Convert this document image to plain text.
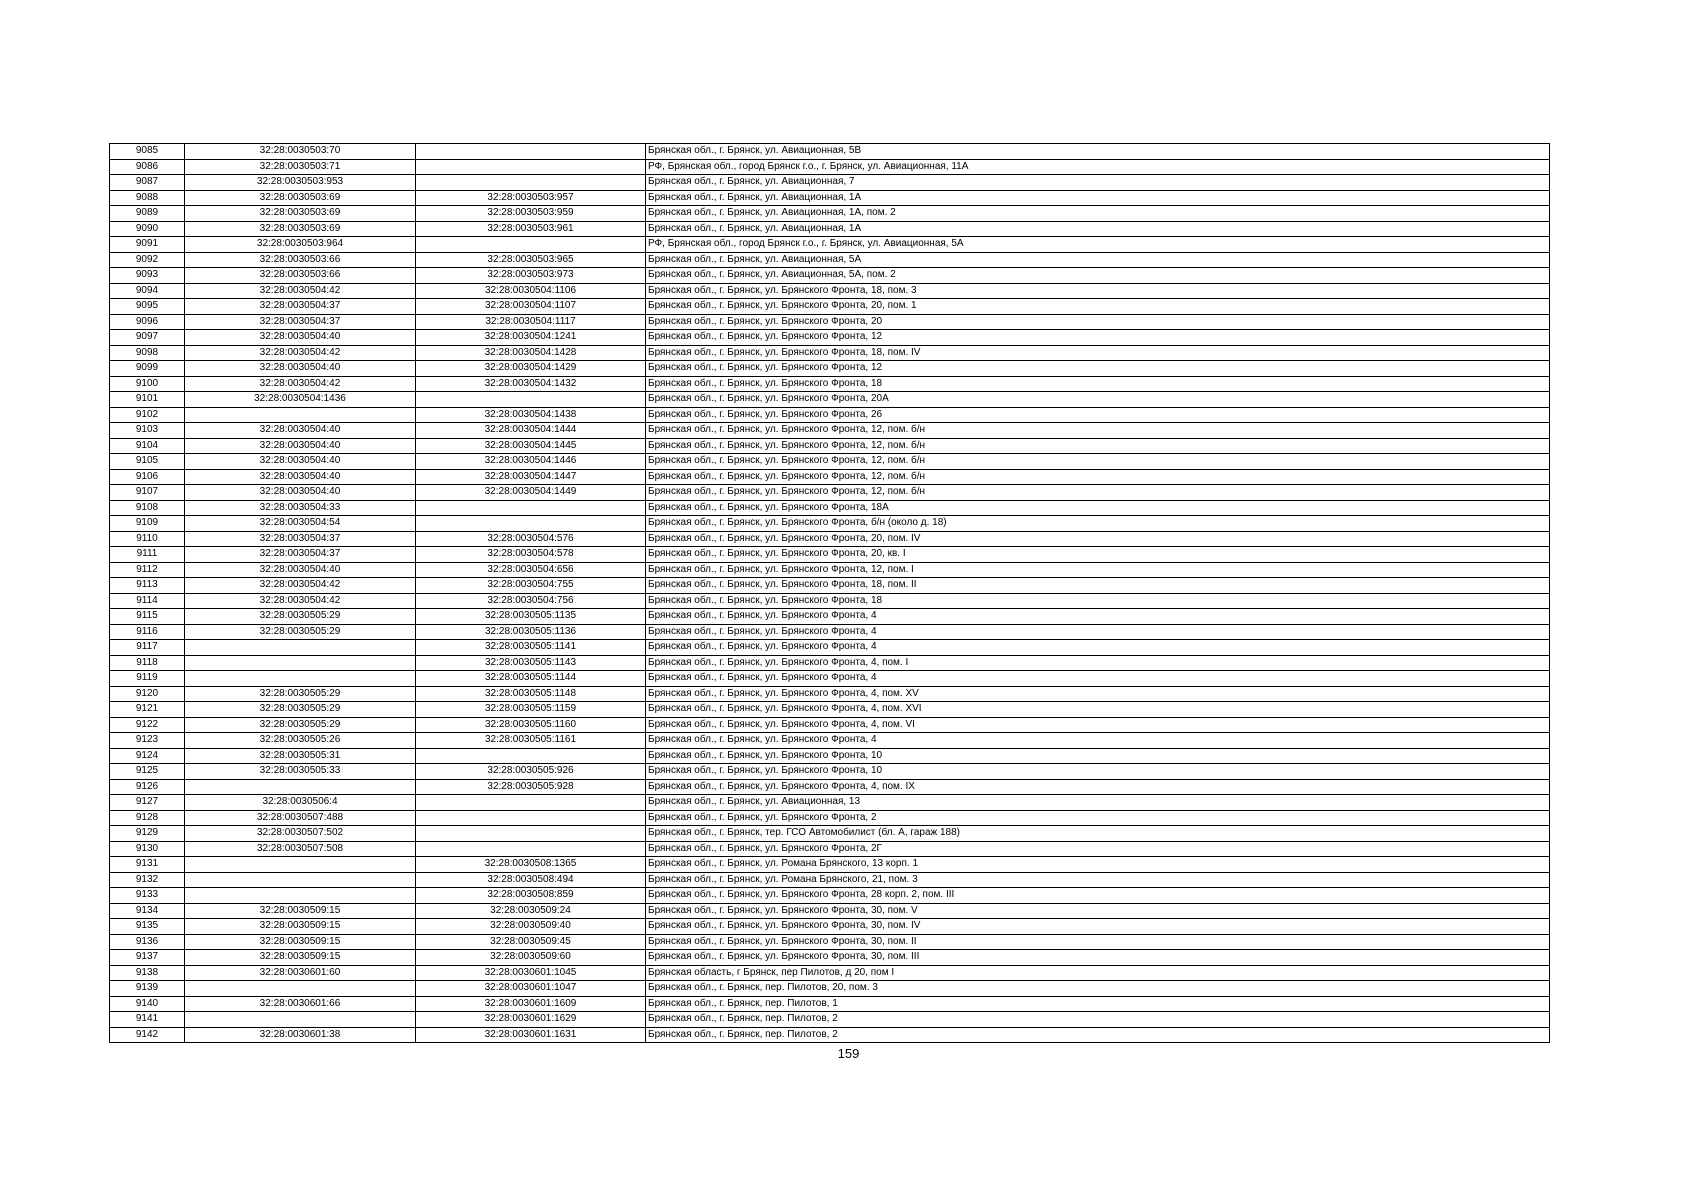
9085	32:28:0030503:70		Брянская обл., г. Брянск, ул. Авиационная, 5В
9086	32:28:0030503:71		РФ, Брянская обл., город Брянск г.о., г. Брянск, ул. Авиационная, 11А
9087	32:28:0030503:953		Брянская обл., г. Брянск, ул. Авиационная, 7
9088	32:28:0030503:69	32:28:0030503:957	Брянская обл., г. Брянск, ул. Авиационная, 1А
9089	32:28:0030503:69	32:28:0030503:959	Брянская обл., г. Брянск, ул. Авиационная, 1А, пом. 2
9090	32:28:0030503:69	32:28:0030503:961	Брянская обл., г. Брянск, ул. Авиационная, 1А
9091	32:28:0030503:964		РФ, Брянская обл., город Брянск г.о., г. Брянск, ул. Авиационная, 5А
9092	32:28:0030503:66	32:28:0030503:965	Брянская обл., г. Брянск, ул. Авиационная, 5А
9093	32:28:0030503:66	32:28:0030503:973	Брянская обл., г. Брянск, ул. Авиационная, 5А, пом. 2
9094	32:28:0030504:42	32:28:0030504:1106	Брянская обл., г. Брянск, ул. Брянского Фронта, 18, пом. 3
9095	32:28:0030504:37	32:28:0030504:1107	Брянская обл., г. Брянск, ул. Брянского Фронта, 20, пом. 1
9096	32:28:0030504:37	32:28:0030504:1117	Брянская обл., г. Брянск, ул. Брянского Фронта, 20
9097	32:28:0030504:40	32:28:0030504:1241	Брянская обл., г. Брянск, ул. Брянского Фронта, 12
9098	32:28:0030504:42	32:28:0030504:1428	Брянская обл., г. Брянск, ул. Брянского Фронта, 18, пом. IV
9099	32:28:0030504:40	32:28:0030504:1429	Брянская обл., г. Брянск, ул. Брянского Фронта, 12
9100	32:28:0030504:42	32:28:0030504:1432	Брянская обл., г. Брянск, ул. Брянского Фронта, 18
9101	32:28:0030504:1436		Брянская обл., г. Брянск, ул. Брянского Фронта, 20А
9102		32:28:0030504:1438	Брянская обл., г. Брянск, ул. Брянского Фронта, 26
9103	32:28:0030504:40	32:28:0030504:1444	Брянская обл., г. Брянск, ул. Брянского Фронта, 12, пом. б/н
9104	32:28:0030504:40	32:28:0030504:1445	Брянская обл., г. Брянск, ул. Брянского Фронта, 12, пом. б/н
9105	32:28:0030504:40	32:28:0030504:1446	Брянская обл., г. Брянск, ул. Брянского Фронта, 12, пом. б/н
9106	32:28:0030504:40	32:28:0030504:1447	Брянская обл., г. Брянск, ул. Брянского Фронта, 12, пом. б/н
9107	32:28:0030504:40	32:28:0030504:1449	Брянская обл., г. Брянск, ул. Брянского Фронта, 12, пом. б/н
9108	32:28:0030504:33		Брянская обл., г. Брянск, ул. Брянского Фронта, 18А
9109	32:28:0030504:54		Брянская обл., г. Брянск, ул. Брянского Фронта, б/н (около д. 18)
9110	32:28:0030504:37	32:28:0030504:576	Брянская обл., г. Брянск, ул. Брянского Фронта, 20, пом. IV
9111	32:28:0030504:37	32:28:0030504:578	Брянская обл., г. Брянск, ул. Брянского Фронта, 20, кв. I
9112	32:28:0030504:40	32:28:0030504:656	Брянская обл., г. Брянск, ул. Брянского Фронта, 12, пом. I
9113	32:28:0030504:42	32:28:0030504:755	Брянская обл., г. Брянск, ул. Брянского Фронта, 18, пом. II
9114	32:28:0030504:42	32:28:0030504:756	Брянская обл., г. Брянск, ул. Брянского Фронта, 18
9115	32:28:0030505:29	32:28:0030505:1135	Брянская обл., г. Брянск, ул. Брянского Фронта, 4
9116	32:28:0030505:29	32:28:0030505:1136	Брянская обл., г. Брянск, ул. Брянского Фронта, 4
9117		32:28:0030505:1141	Брянская обл., г. Брянск, ул. Брянского Фронта, 4
9118		32:28:0030505:1143	Брянская обл., г. Брянск, ул. Брянского Фронта, 4, пом. I
9119		32:28:0030505:1144	Брянская обл., г. Брянск, ул. Брянского Фронта, 4
9120	32:28:0030505:29	32:28:0030505:1148	Брянская обл., г. Брянск, ул. Брянского Фронта, 4, пом. XV
9121	32:28:0030505:29	32:28:0030505:1159	Брянская обл., г. Брянск, ул. Брянского Фронта, 4, пом. XVI
9122	32:28:0030505:29	32:28:0030505:1160	Брянская обл., г. Брянск, ул. Брянского Фронта, 4, пом. VI
9123	32:28:0030505:26	32:28:0030505:1161	Брянская обл., г. Брянск, ул. Брянского Фронта, 4
9124	32:28:0030505:31		Брянская обл., г. Брянск, ул. Брянского Фронта, 10
9125	32:28:0030505:33	32:28:0030505:926	Брянская обл., г. Брянск, ул. Брянского Фронта, 10
9126		32:28:0030505:928	Брянская обл., г. Брянск, ул. Брянского Фронта, 4, пом. IX
9127	32:28:0030506:4		Брянская обл., г. Брянск, ул. Авиационная, 13
9128	32:28:0030507:488		Брянская обл., г. Брянск, ул. Брянского Фронта, 2
9129	32:28:0030507:502		Брянская обл., г. Брянск, тер. ГСО Автомобилист (бл. А, гараж 188)
9130	32:28:0030507:508		Брянская обл., г. Брянск, ул. Брянского Фронта, 2Г
9131		32:28:0030508:1365	Брянская обл., г. Брянск, ул. Романа Брянского, 13 корп. 1
9132		32:28:0030508:494	Брянская обл., г. Брянск, ул. Романа Брянского, 21, пом. 3
9133		32:28:0030508:859	Брянская обл., г. Брянск, ул. Брянского Фронта, 28 корп. 2, пом. III
9134	32:28:0030509:15	32:28:0030509:24	Брянская обл., г. Брянск, ул. Брянского Фронта, 30, пом. V
9135	32:28:0030509:15	32:28:0030509:40	Брянская обл., г. Брянск, ул. Брянского Фронта, 30, пом. IV
9136	32:28:0030509:15	32:28:0030509:45	Брянская обл., г. Брянск, ул. Брянского Фронта, 30, пом. II
9137	32:28:0030509:15	32:28:0030509:60	Брянская обл., г. Брянск, ул. Брянского Фронта, 30, пом. III
9138	32:28:0030601:60	32:28:0030601:1045	Брянская область, г Брянск, пер Пилотов, д 20, пом I
9139		32:28:0030601:1047	Брянская обл., г. Брянск, пер. Пилотов, 20, пом. 3
9140	32:28:0030601:66	32:28:0030601:1609	Брянская обл., г. Брянск, пер. Пилотов, 1
9141		32:28:0030601:1629	Брянская обл., г. Брянск, пер. Пилотов, 2
9142	32:28:0030601:38	32:28:0030601:1631	Брянская обл., г. Брянск, пер. Пилотов, 2
159
